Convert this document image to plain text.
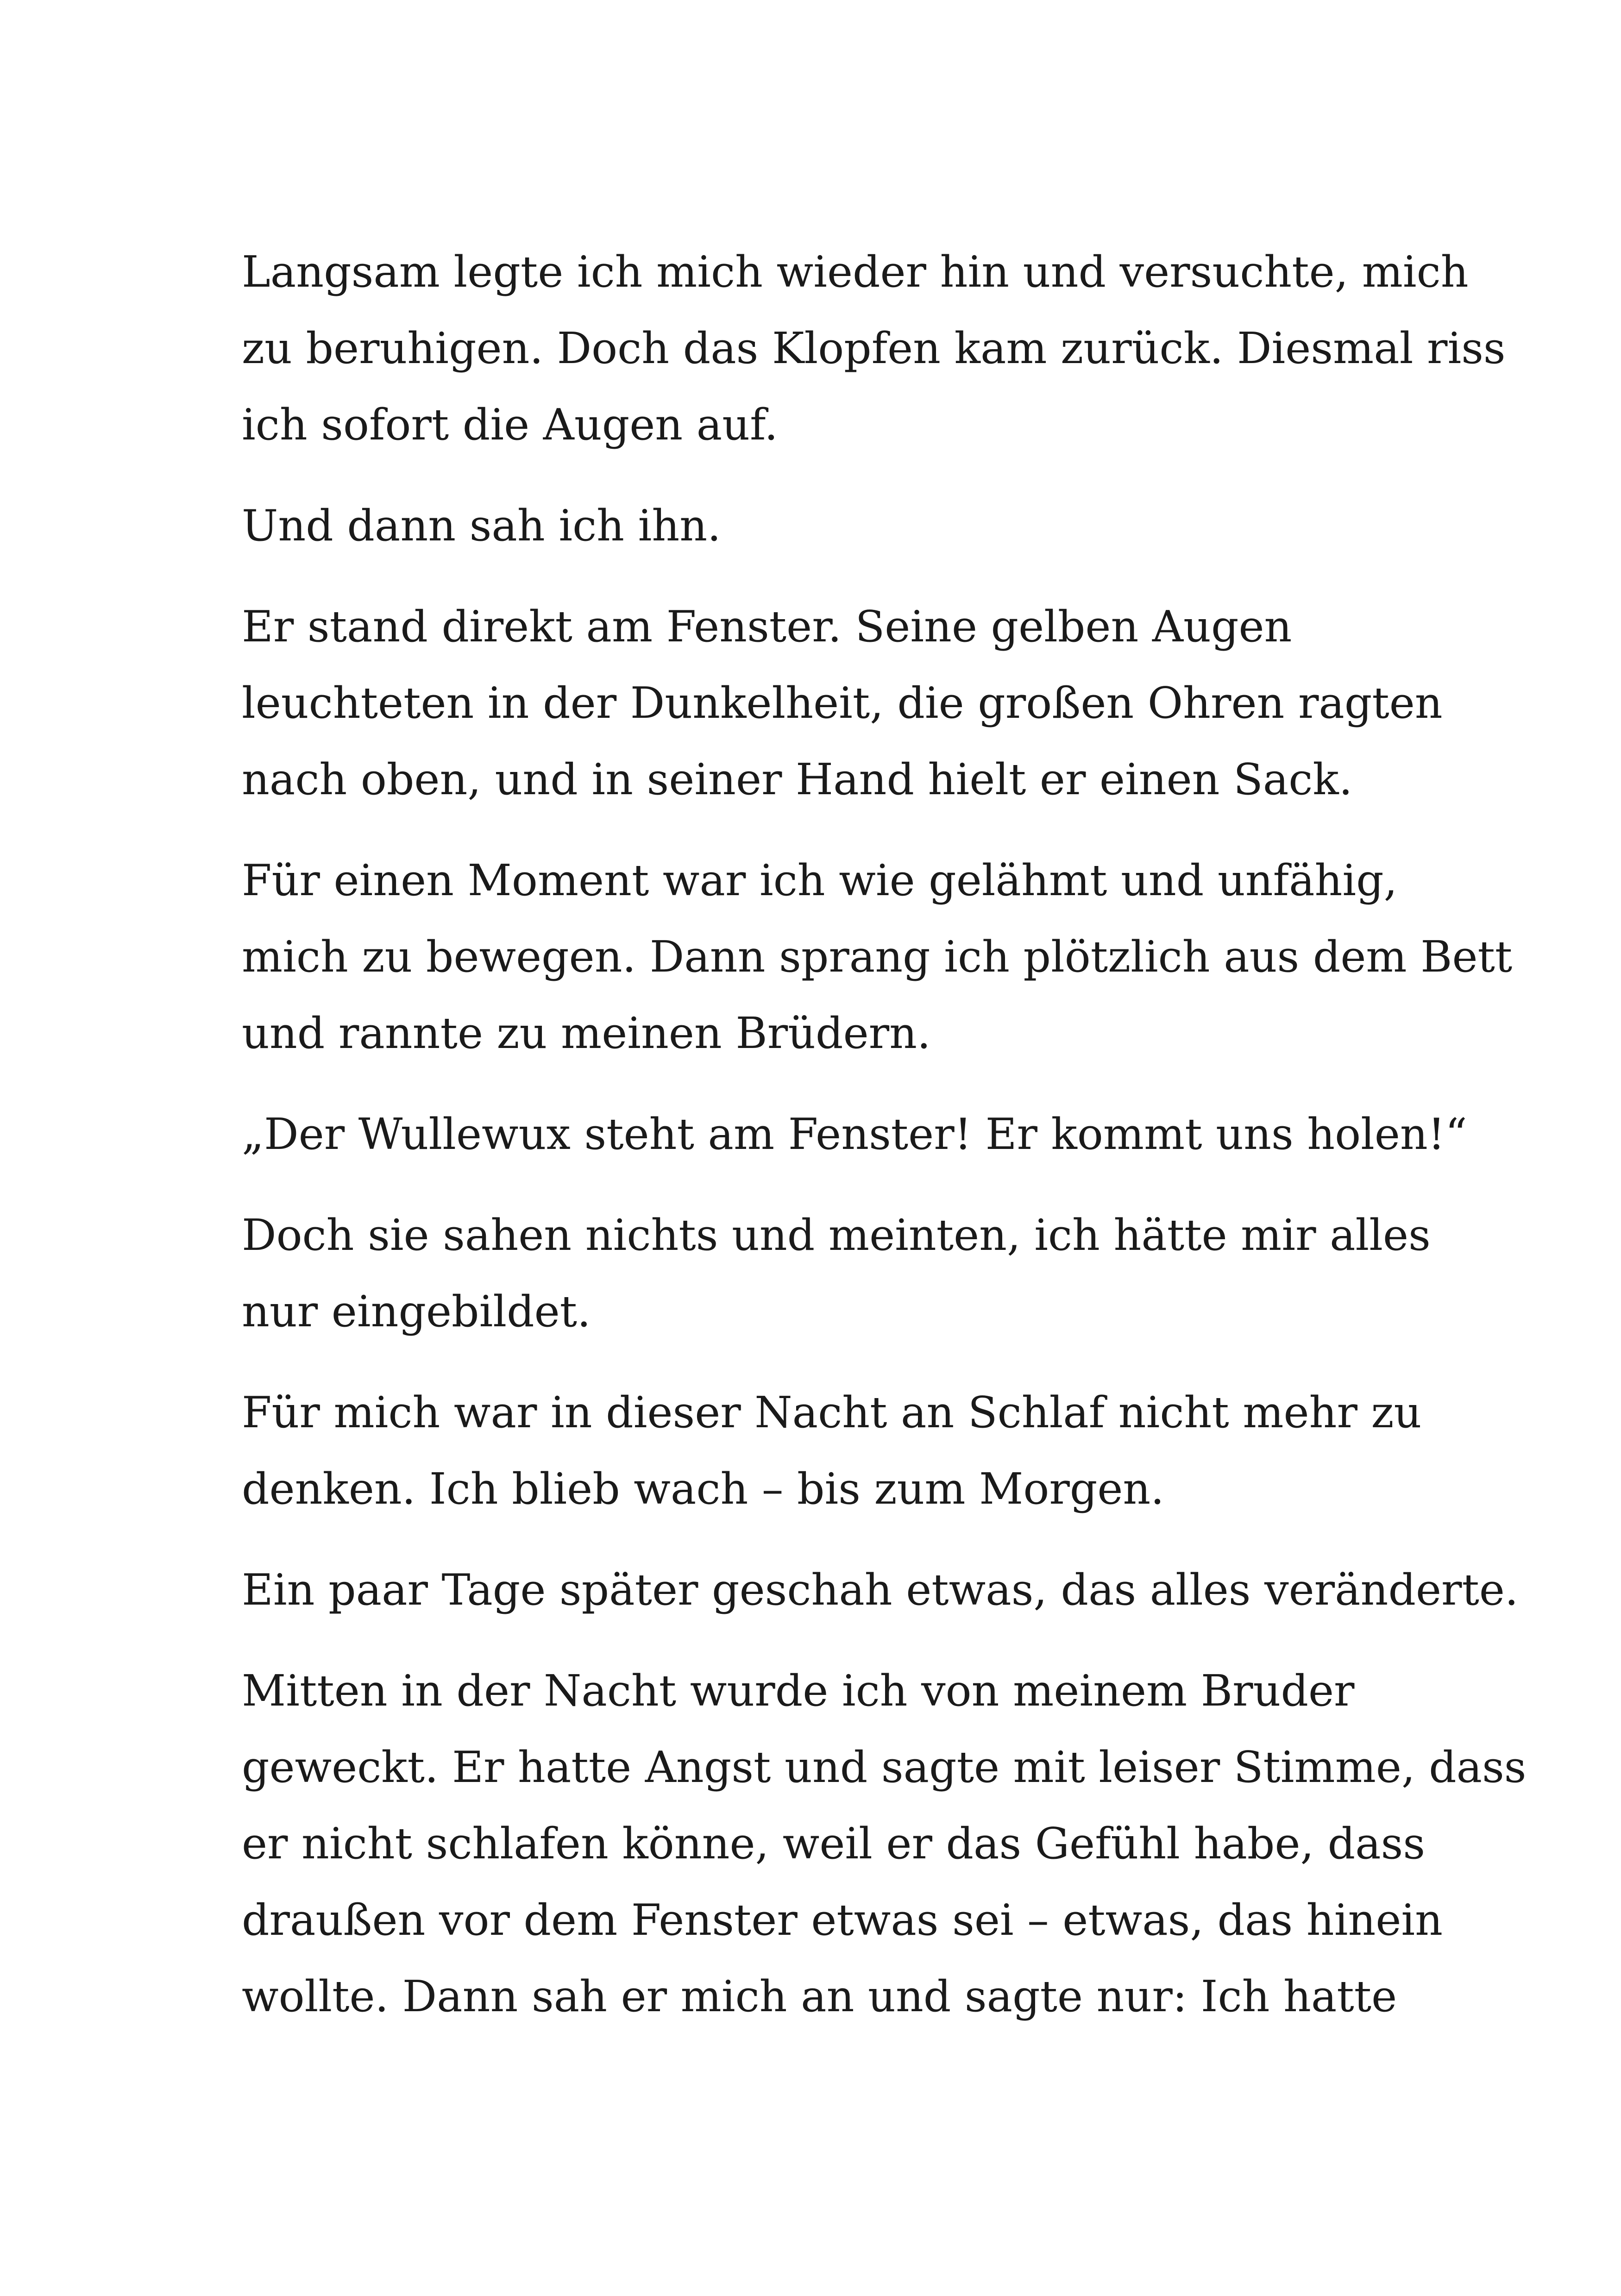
Langsam legte ich mich wieder hin und versuchte, mich
zu beruhigen. Doch das Klopfen kam zurück. Diesmal riss
ich sofort die Augen auf.

Und dann sah ich ihn.

Er stand direkt am Fenster. Seine gelben Augen
leuchteten in der Dunkelheit, die großen Ohren ragten
nach oben, und in seiner Hand hielt er einen Sack.

Für einen Moment war ich wie gelähmt und unfähig,
mich zu bewegen. Dann sprang ich plötzlich aus dem Bett
und rannte zu meinen Brüdern.

„Der Wullewux steht am Fenster! Er kommt uns holen!“

Doch sie sahen nichts und meinten, ich hätte mir alles
nur eingebildet.

Für mich war in dieser Nacht an Schlaf nicht mehr zu
denken. Ich blieb wach – bis zum Morgen.

Ein paar Tage später geschah etwas, das alles veränderte.

Mitten in der Nacht wurde ich von meinem Bruder
geweckt. Er hatte Angst und sagte mit leiser Stimme, dass
er nicht schlafen könne, weil er das Gefühl habe, dass
draußen vor dem Fenster etwas sei – etwas, das hinein
wollte. Dann sah er mich an und sagte nur: Ich hatte
